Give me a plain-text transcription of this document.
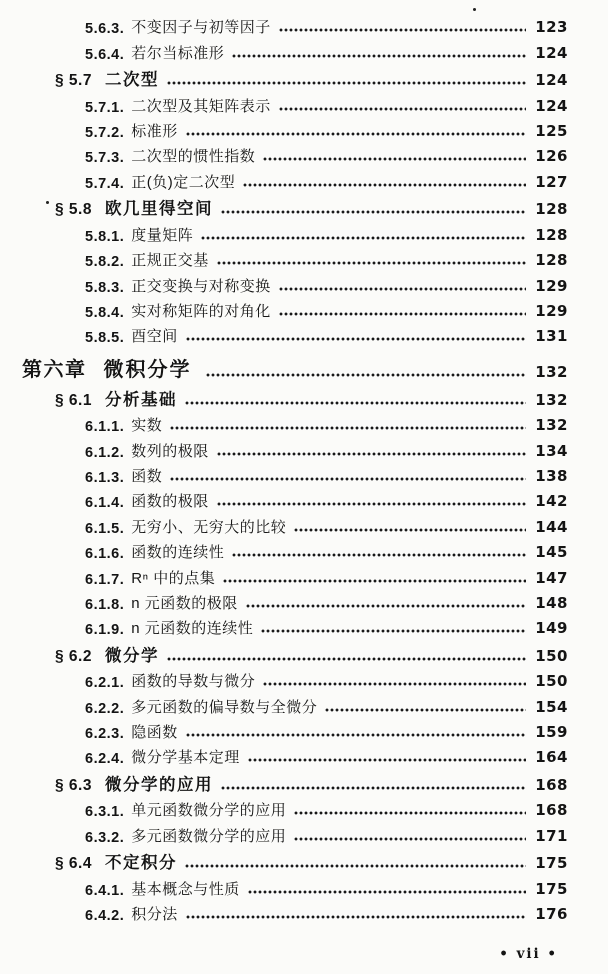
5.6.3. 不变因子与初等因子	123
5.6.4. 若尔当标准形	124
§ 5.7 二次型	124
5.7.1. 二次型及其矩阵表示	124
5.7.2. 标准形	125
5.7.3. 二次型的惯性指数	126
5.7.4. 正(负)定二次型	127
§ 5.8 欧几里得空间	128
5.8.1. 度量矩阵	128
5.8.2. 正规正交基	128
5.8.3. 正交变换与对称变换	129
5.8.4. 实对称矩阵的对角化	129
5.8.5. 酉空间	131
第六章 微积分学	132
§ 6.1 分析基础	132
6.1.1. 实数	132
6.1.2. 数列的极限	134
6.1.3. 函数	138
6.1.4. 函数的极限	142
6.1.5. 无穷小、无穷大的比较	144
6.1.6. 函数的连续性	145
6.1.7. Rⁿ 中的点集	147
6.1.8. n 元函数的极限	148
6.1.9. n 元函数的连续性	149
§ 6.2 微分学	150
6.2.1. 函数的导数与微分	150
6.2.2. 多元函数的偏导数与全微分	154
6.2.3. 隐函数	159
6.2.4. 微分学基本定理	164
§ 6.3 微分学的应用	168
6.3.1. 单元函数微分学的应用	168
6.3.2. 多元函数微分学的应用	171
§ 6.4 不定积分	175
6.4.1. 基本概念与性质	175
6.4.2. 积分法	176
• vii •
